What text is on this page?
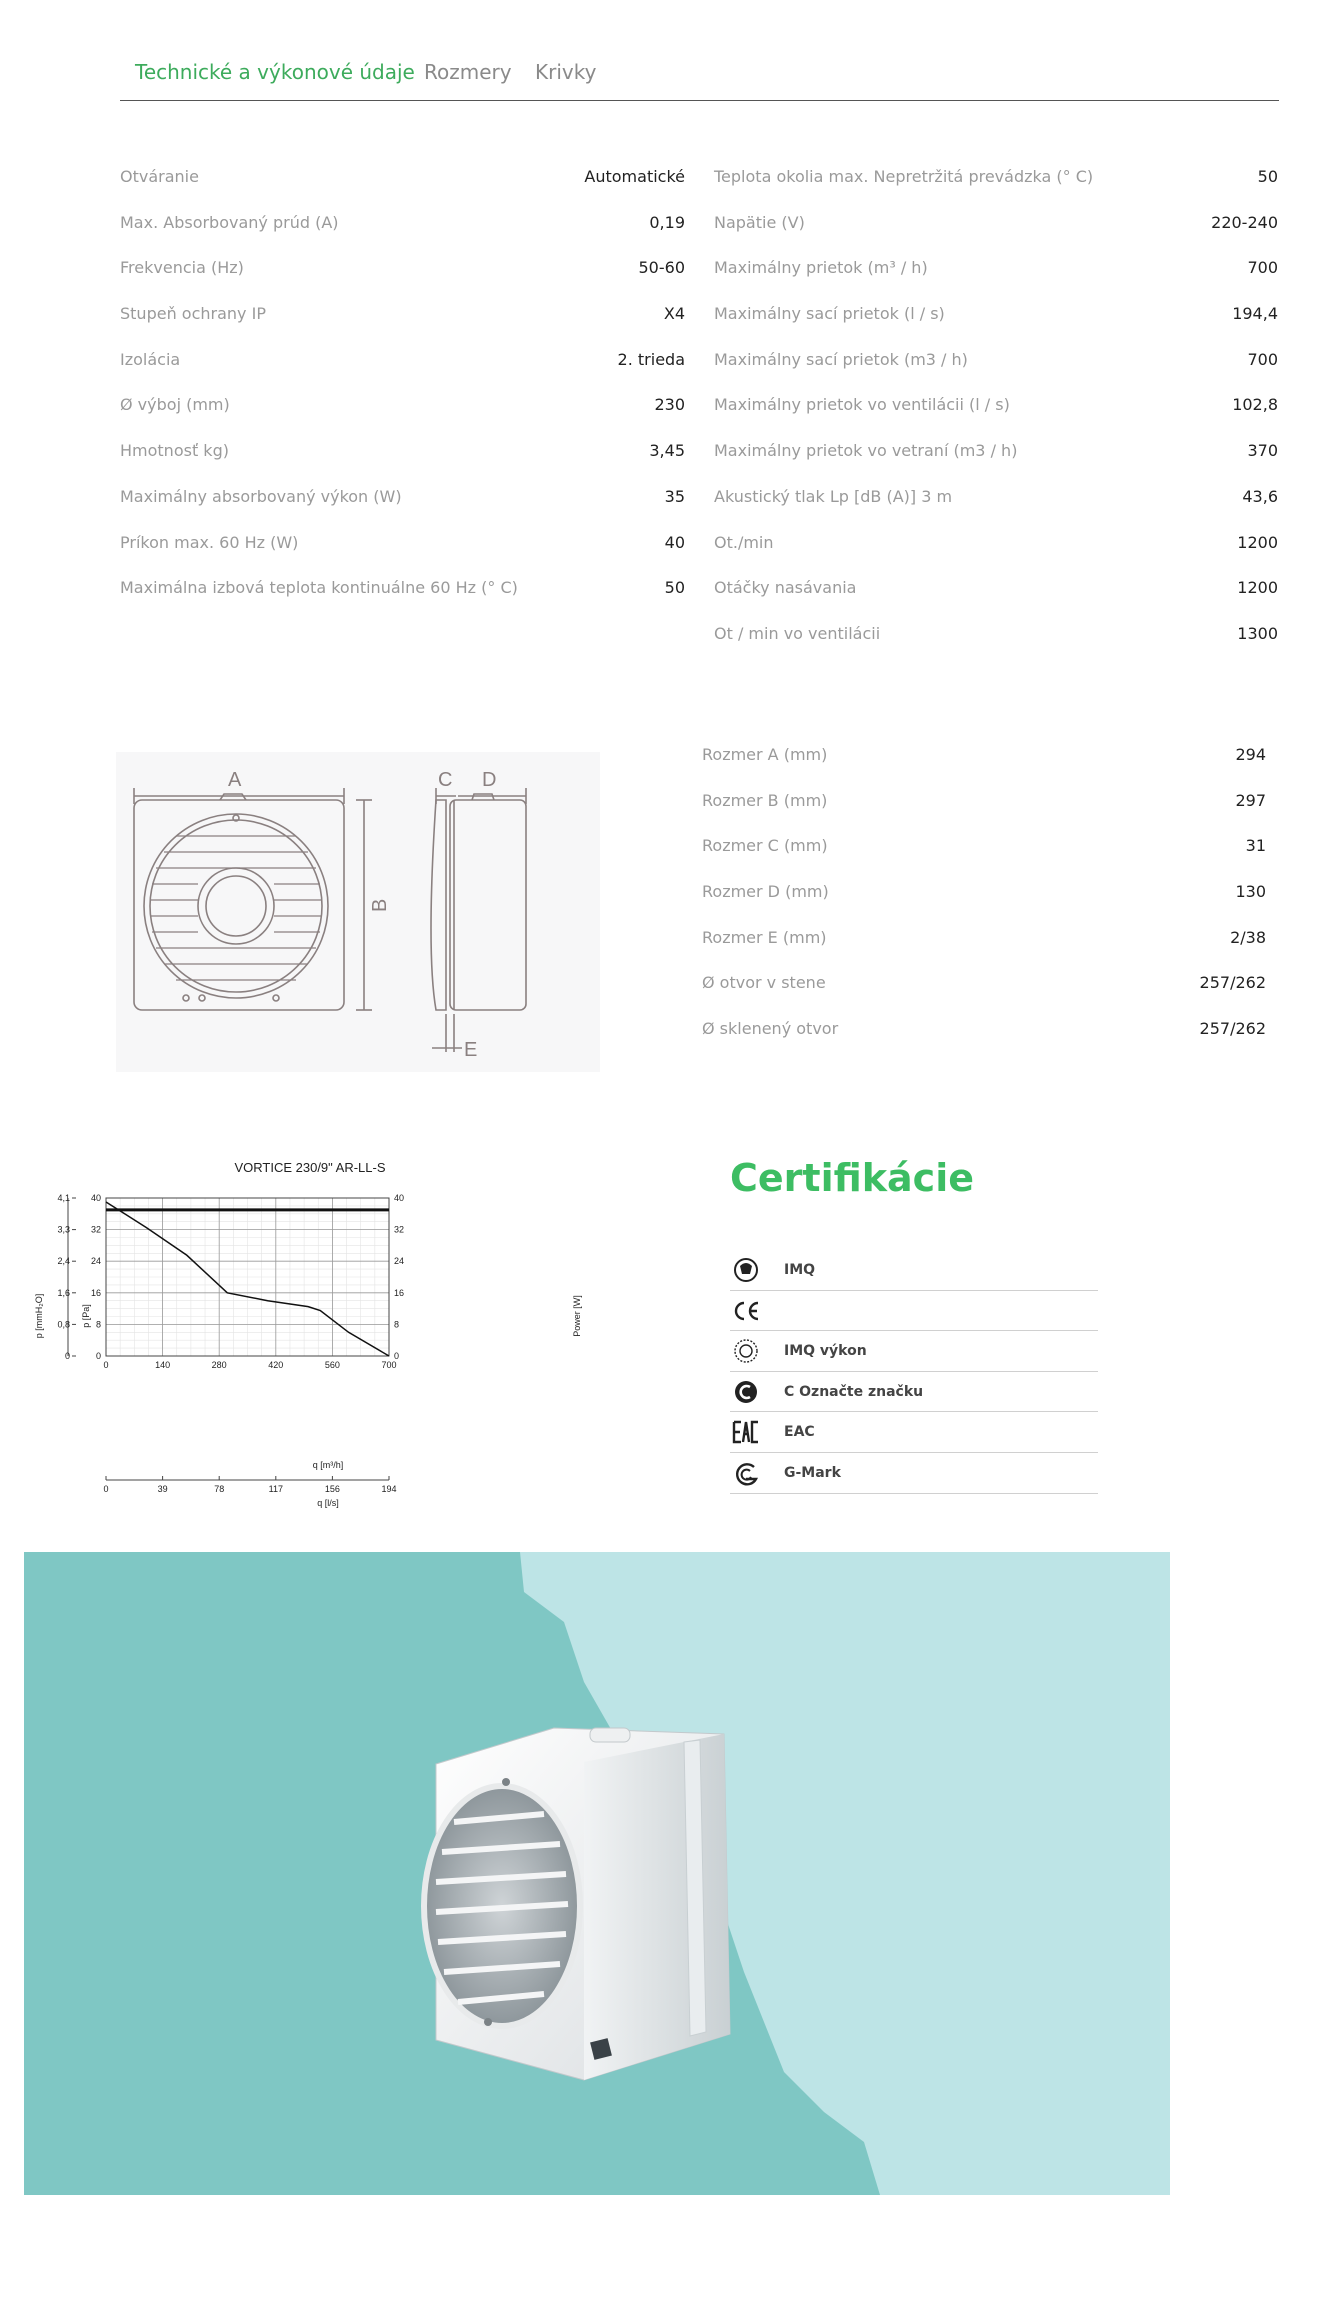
Technické a výkonové údaje Rozmery Krivky
Otváranie	Automatické
Max. Absorbovaný prúd (A)	0,19
Frekvencia (Hz)	50-60
Stupeň ochrany IP	X4
Izolácia	2. trieda
Ø výboj (mm)	230
Hmotnosť kg)	3,45
Maximálny absorbovaný výkon (W)	35
Príkon max. 60 Hz (W)	40
Maximálna izbová teplota kontinuálne 60 Hz (° C)	50
Teplota okolia max. Nepretržitá prevádzka (° C)	50
Napätie (V)	220-240
Maximálny prietok (m³ / h)	700
Maximálny sací prietok (l / s)	194,4
Maximálny sací prietok (m3 / h)	700
Maximálny prietok vo ventilácii (l / s)	102,8
Maximálny prietok vo vetraní (m3 / h)	370
Akustický tlak Lp [dB (A)] 3 m	43,6
Ot./min	1200
Otáčky nasávania	1200
Ot / min vo ventilácii	1300
A
B
C D
E
Rozmer A (mm)	294
Rozmer B (mm)	297
Rozmer C (mm)	31
Rozmer D (mm)	130
Rozmer E (mm)	2/38
Ø otvor v stene	257/262
Ø sklenený otvor	257/262
VORTICE 230/9" AR-LL-S
0	0
0
8	8
0,8
16	16
1,6
24	24
2,4
32	32
3,3
40	40
4,1
0	140	280	420	560	700
0	39	78	117	156	194
p [mmH₂O]	p [Pa]	Power [W]
q [m³/h]
q [l/s]
Certifikácie
IMQ
IMQ výkon
C Označte značku
EAC
G-Mark
